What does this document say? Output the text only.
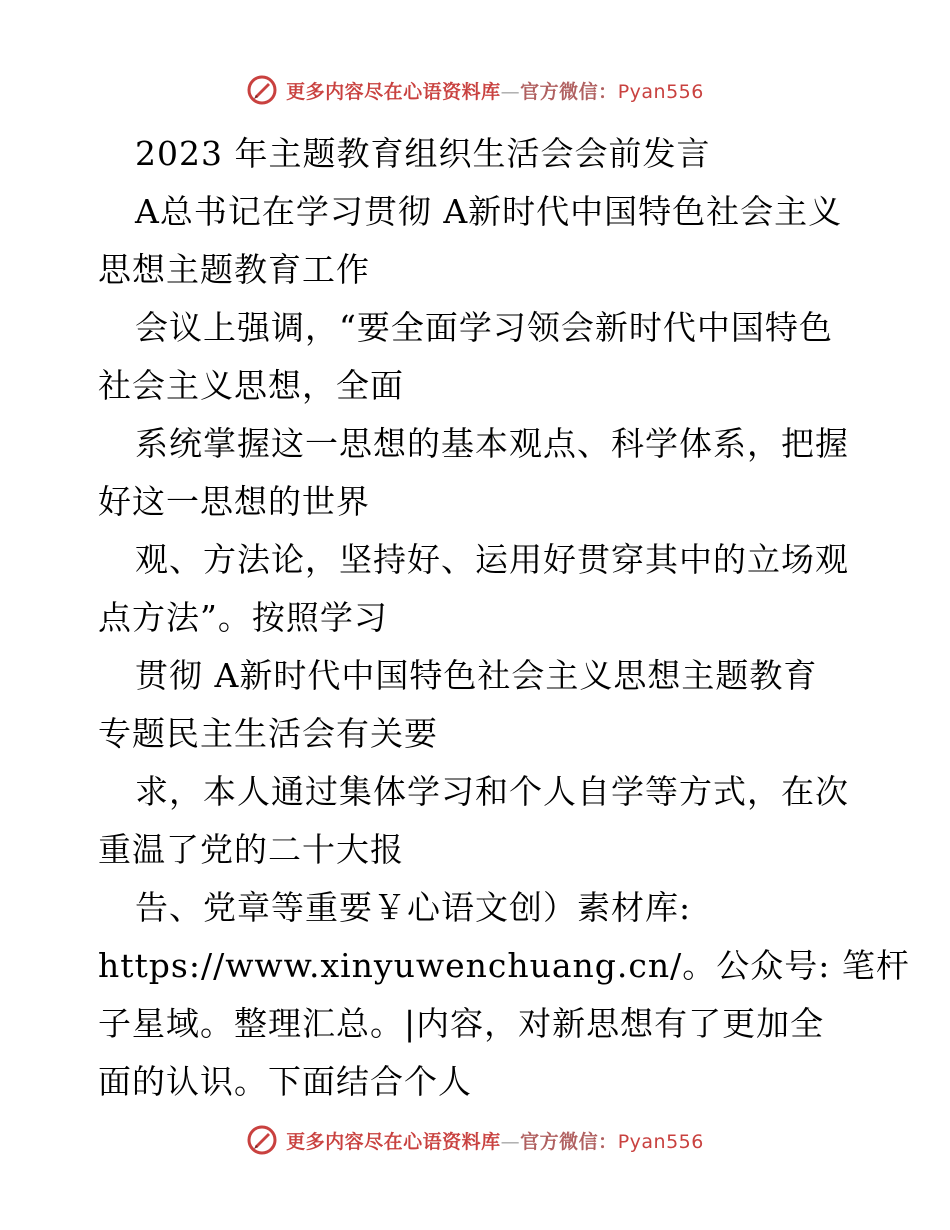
更多内容尽在心语资料库—官方微信：Pyan556
2023 年主题教育组织生活会会前发言
A总书记在学习贯彻 A新时代中国特色社会主义
思想主题教育工作
会议上强调，“要全面学习领会新时代中国特色
社会主义思想，全面
系统掌握这一思想的基本观点、科学体系，把握
好这一思想的世界
观、方法论，坚持好、运用好贯穿其中的立场观
点方法”。按照学习
贯彻 A新时代中国特色社会主义思想主题教育
专题民主生活会有关要
求，本人通过集体学习和个人自学等方式，在次
重温了党的二十大报
告、党章等重要￥心语文创）素材库:
https://www.xinyuwenchuang.cn/。公众号: 笔杆
子星域。整理汇总。|内容，对新思想有了更加全
面的认识。下面结合个人
更多内容尽在心语资料库—官方微信：Pyan556
